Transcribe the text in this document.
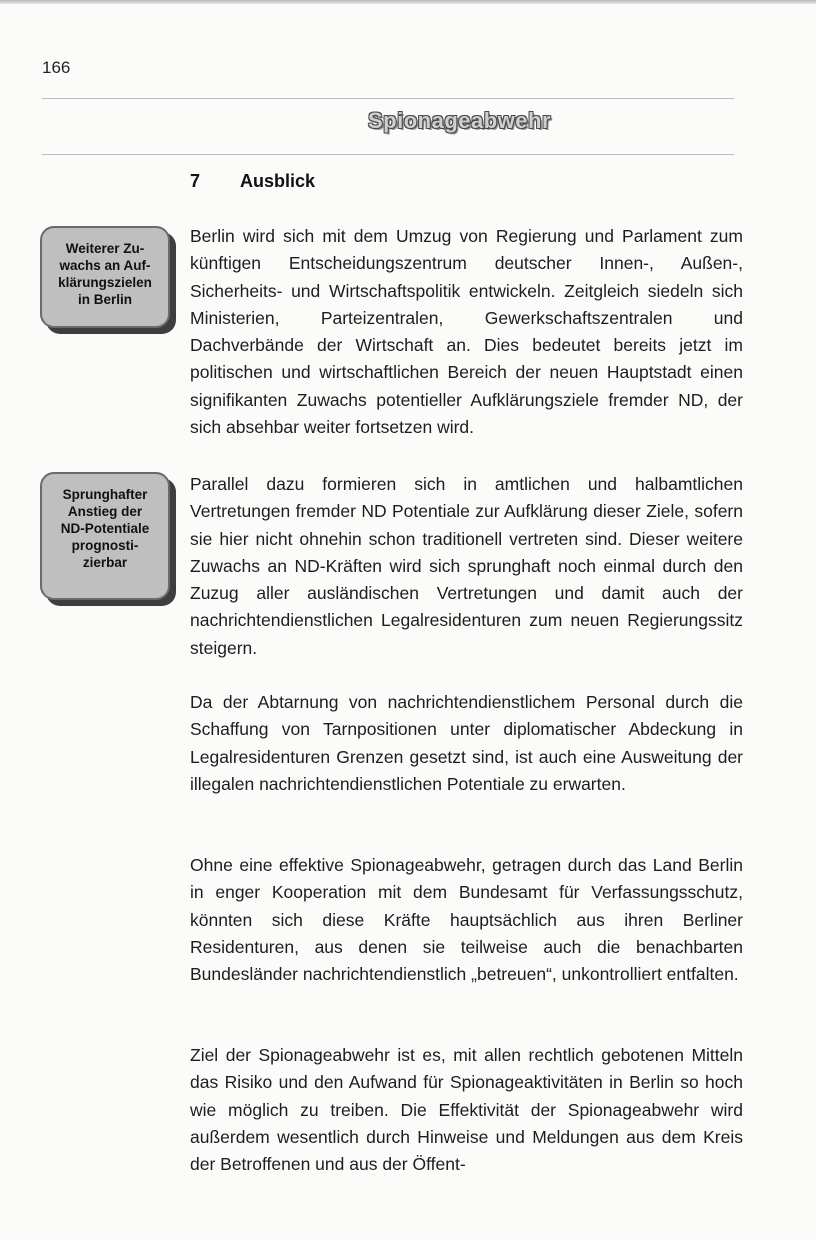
166
Spionageabwehr
7 Ausblick
Weiterer Zu-
wachs an Auf-
klärungszielen
in Berlin
Sprunghafter
Anstieg der
ND-Potentiale
prognosti-
zierbar

Berlin wird sich mit dem Umzug von Regierung und Parlament zum künftigen Entscheidungszentrum deutscher Innen-, Außen-, Sicherheits- und Wirtschaftspolitik entwickeln. Zeitgleich siedeln sich Ministerien, Parteizentralen, Gewerkschaftszentralen und Dachverbände der Wirtschaft an. Dies bedeutet bereits jetzt im politischen und wirtschaftlichen Bereich der neuen Hauptstadt einen signifikanten Zuwachs potentieller Aufklärungsziele fremder ND, der sich absehbar weiter fortsetzen wird.

Parallel dazu formieren sich in amtlichen und halbamtlichen Vertretungen fremder ND Potentiale zur Aufklärung dieser Ziele, sofern sie hier nicht ohnehin schon traditionell vertreten sind. Dieser weitere Zuwachs an ND-Kräften wird sich sprunghaft noch einmal durch den Zuzug aller ausländischen Vertretungen und damit auch der nachrichtendienstlichen Legalresidenturen zum neuen Regierungssitz steigern.

Da der Abtarnung von nachrichtendienstlichem Personal durch die Schaffung von Tarnpositionen unter diplomatischer Abdeckung in Legalresidenturen Grenzen gesetzt sind, ist auch eine Ausweitung der illegalen nachrichtendienstlichen Potentiale zu erwarten.

Ohne eine effektive Spionageabwehr, getragen durch das Land Berlin in enger Kooperation mit dem Bundesamt für Verfassungsschutz, könnten sich diese Kräfte hauptsächlich aus ihren Berliner Residenturen, aus denen sie teilweise auch die benachbarten Bundesländer nachrichtendienstlich „betreuen“, unkontrolliert entfalten.

Ziel der Spionageabwehr ist es, mit allen rechtlich gebotenen Mitteln das Risiko und den Aufwand für Spionageaktivitäten in Berlin so hoch wie möglich zu treiben. Die Effektivität der Spionageabwehr wird außerdem wesentlich durch Hinweise und Meldungen aus dem Kreis der Betroffenen und aus der Öffent-
